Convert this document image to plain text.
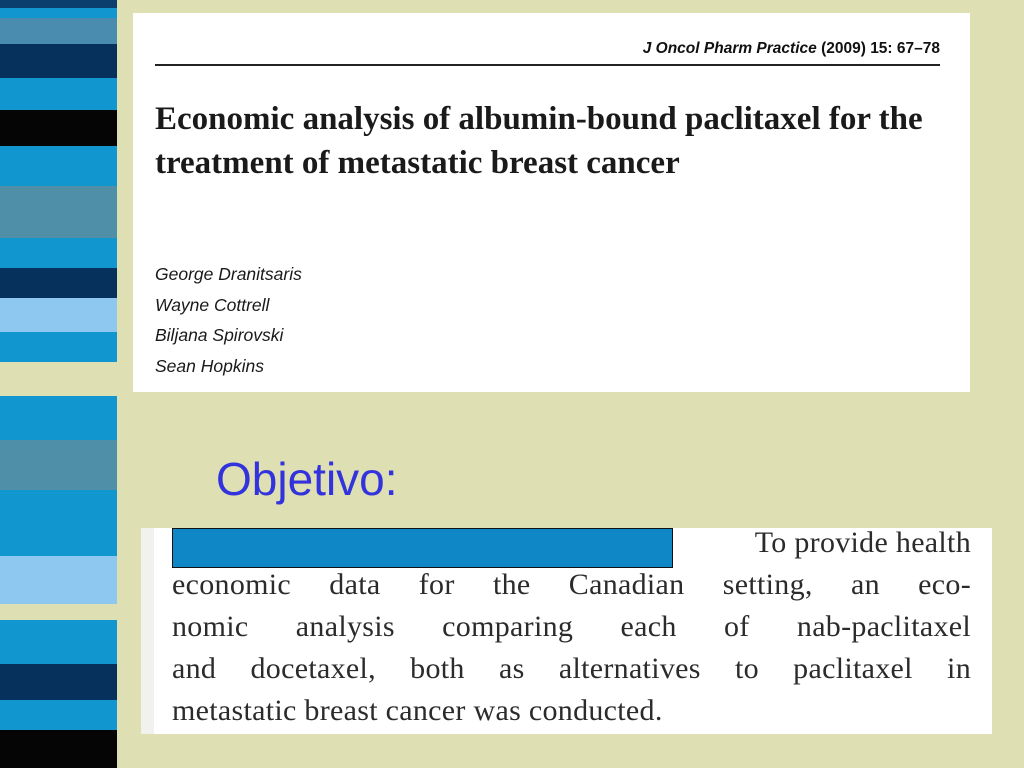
J Oncol Pharm Practice (2009) 15: 67–78
Economic analysis of albumin-bound paclitaxel for the treatment of metastatic breast cancer
George Dranitsaris
Wayne Cottrell
Biljana Spirovski
Sean Hopkins
Objetivo:
To provide health
economic data for the Canadian setting, an eco-
nomic analysis comparing each of nab-paclitaxel
and docetaxel, both as alternatives to paclitaxel in
metastatic breast cancer was conducted.
